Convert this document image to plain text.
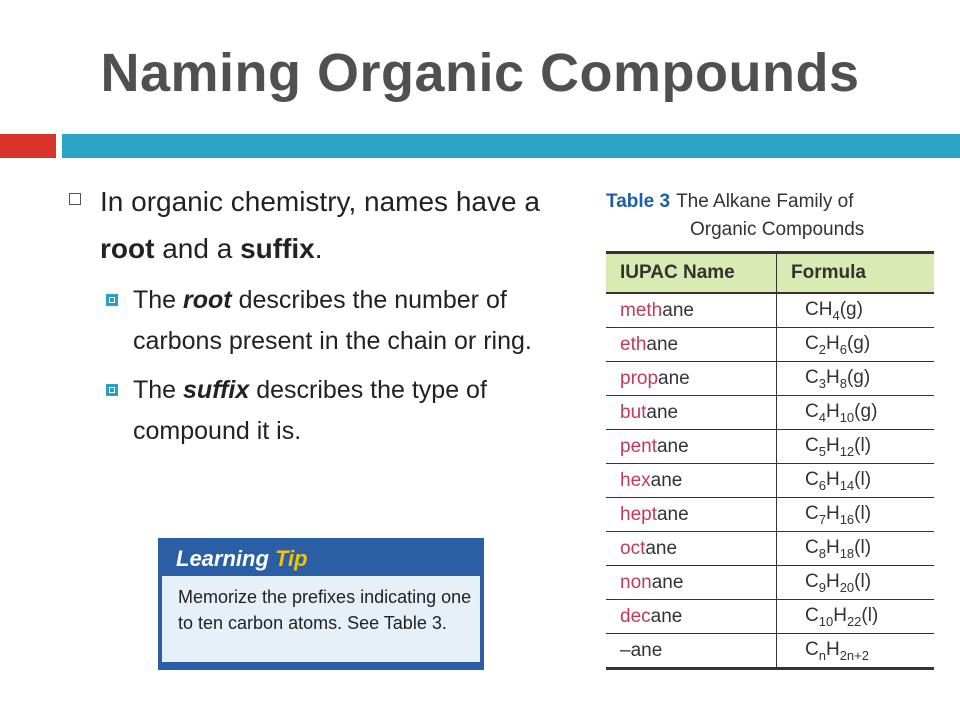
Naming Organic Compounds
In organic chemistry, names have a root and a suffix.
The root describes the number of carbons present in the chain or ring.
The suffix describes the type of compound it is.
Learning Tip
Memorize the prefixes indicating one to ten carbon atoms. See Table 3.
Table 3 The Alkane Family of
Organic Compounds
IUPAC Name	Formula
methane	$CH_4(g)$
ethane	$C_2H_6(g)$
propane	$C_3H_8(g)$
butane	$C_4H_{10}(g)$
pentane	$C_5H_{12}(l)$
hexane	$C_6H_{14}(l)$
heptane	$C_7H_{16}(l)$
octane	$C_8H_{18}(l)$
nonane	$C_9H_{20}(l)$
decane	$C_{10}H_{22}(l)$
–ane	$C_nH_{2n+2}$
